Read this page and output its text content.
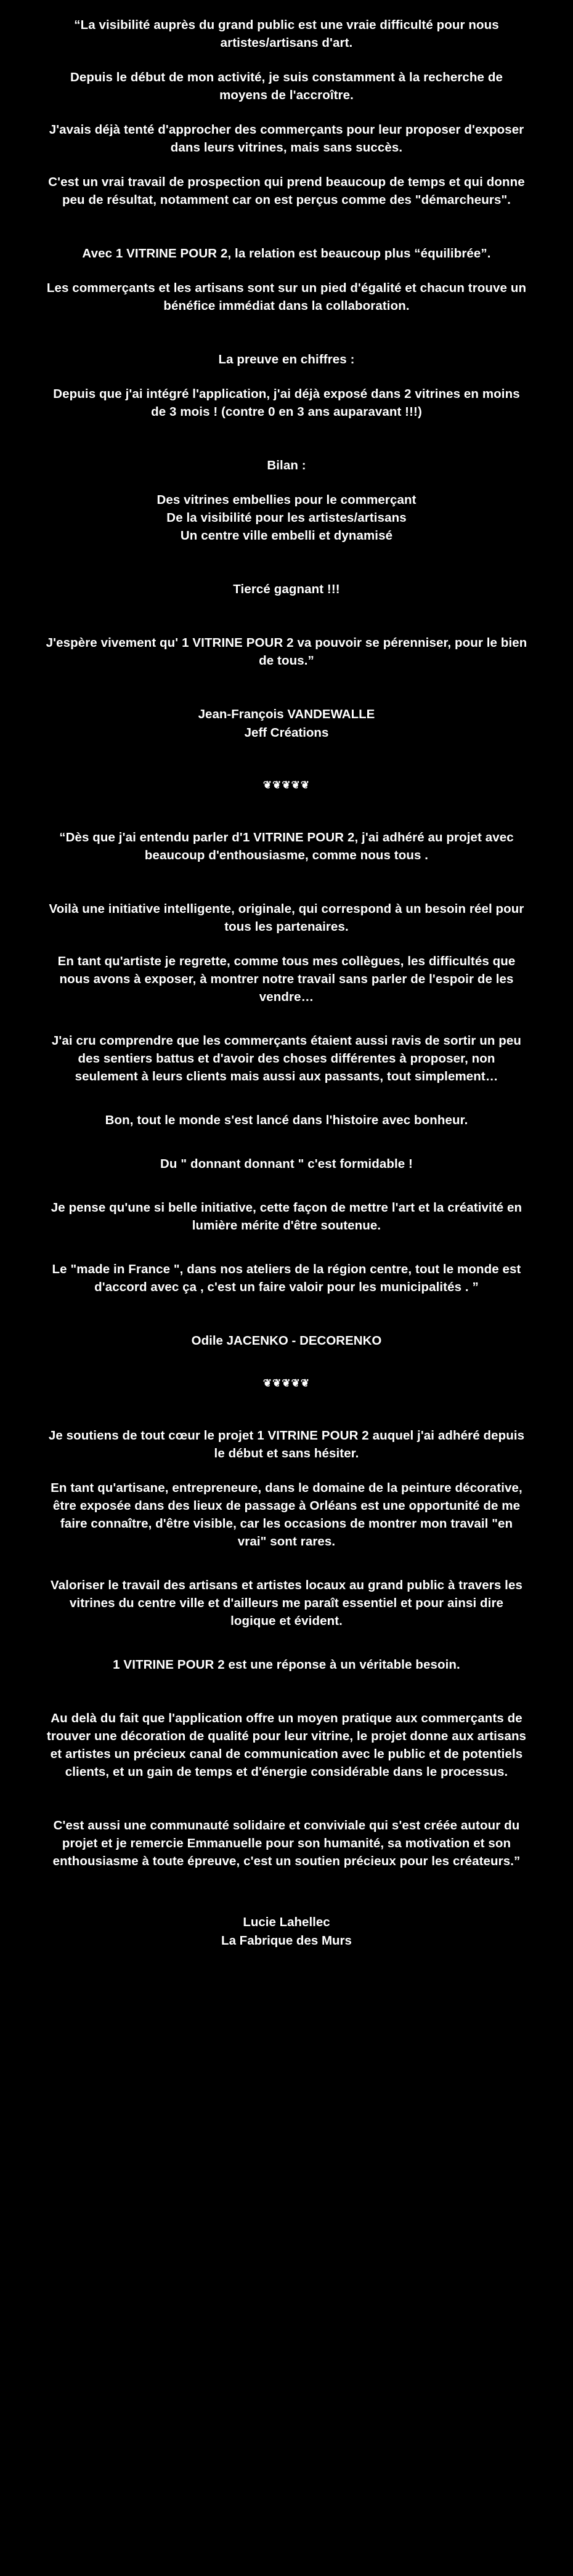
“La visibilité auprès du grand public est une vraie difficulté pour nous artistes/artisans d'art.

Depuis le début de mon activité, je suis constamment à la recherche de moyens de l'accroître.

J'avais déjà tenté d'approcher des commerçants pour leur proposer d'exposer dans leurs vitrines, mais sans succès.

C'est un vrai travail de prospection qui prend beaucoup de temps et qui donne peu de résultat, notamment car on est perçus comme des "démarcheurs".

Avec 1 VITRINE POUR 2, la relation est beaucoup plus “équilibrée”.

Les commerçants et les artisans sont sur un pied d'égalité et chacun trouve un bénéfice immédiat dans la collaboration.

La preuve en chiffres :

Depuis que j'ai intégré l'application, j'ai déjà exposé dans 2 vitrines en moins de 3 mois ! (contre 0 en 3 ans auparavant !!!)

Bilan :

Des vitrines embellies pour le commerçant

De la visibilité pour les artistes/artisans

Un centre ville embelli et dynamisé

Tiercé gagnant !!!

J'espère vivement qu' 1 VITRINE POUR 2 va pouvoir se pérenniser, pour le bien de tous.”

Jean-François VANDEWALLE

Jeff Créations

❦❦❦❦❦

“Dès que j'ai entendu parler d'1 VITRINE POUR 2, j'ai adhéré au projet avec beaucoup d'enthousiasme, comme nous tous .

Voilà une initiative intelligente, originale, qui correspond à un besoin réel pour tous les partenaires.

En tant qu'artiste je regrette, comme tous mes collègues, les difficultés que nous avons à exposer, à montrer notre travail sans parler de l'espoir de les vendre…

J'ai cru comprendre que les commerçants étaient aussi ravis de sortir un peu des sentiers battus et d'avoir des choses différentes à proposer, non seulement à leurs clients mais aussi aux passants, tout simplement…

Bon, tout le monde s'est lancé dans l'histoire avec bonheur.

Du " donnant donnant " c'est formidable !

Je pense qu'une si belle initiative, cette façon de mettre l'art et la créativité en lumière mérite d'être soutenue.

Le "made in France ", dans nos ateliers de la région centre, tout le monde est d'accord avec ça , c'est un faire valoir pour les municipalités . ”

Odile JACENKO - DECORENKO

❦❦❦❦❦

Je soutiens de tout cœur le projet 1 VITRINE POUR 2 auquel j'ai adhéré depuis le début et sans hésiter.

En tant qu'artisane, entrepreneure, dans le domaine de la peinture décorative, être exposée dans des lieux de passage à Orléans est une opportunité de me faire connaître, d'être visible, car les occasions de montrer mon travail "en vrai" sont rares.

Valoriser le travail des artisans et artistes locaux au grand public à travers les vitrines du centre ville et d'ailleurs me paraît essentiel et pour ainsi dire logique et évident.

1 VITRINE POUR 2 est une réponse à un véritable besoin.

Au delà du fait que l'application offre un moyen pratique aux commerçants de trouver une décoration de qualité pour leur vitrine, le projet donne aux artisans et artistes un précieux canal de communication avec le public et de potentiels clients, et un gain de temps et d'énergie considérable dans le processus.

C'est aussi une communauté solidaire et conviviale qui s'est créée autour du projet et je remercie Emmanuelle pour son humanité, sa motivation et son enthousiasme à toute épreuve, c'est un soutien précieux pour les créateurs.”

Lucie Lahellec

La Fabrique des Murs
